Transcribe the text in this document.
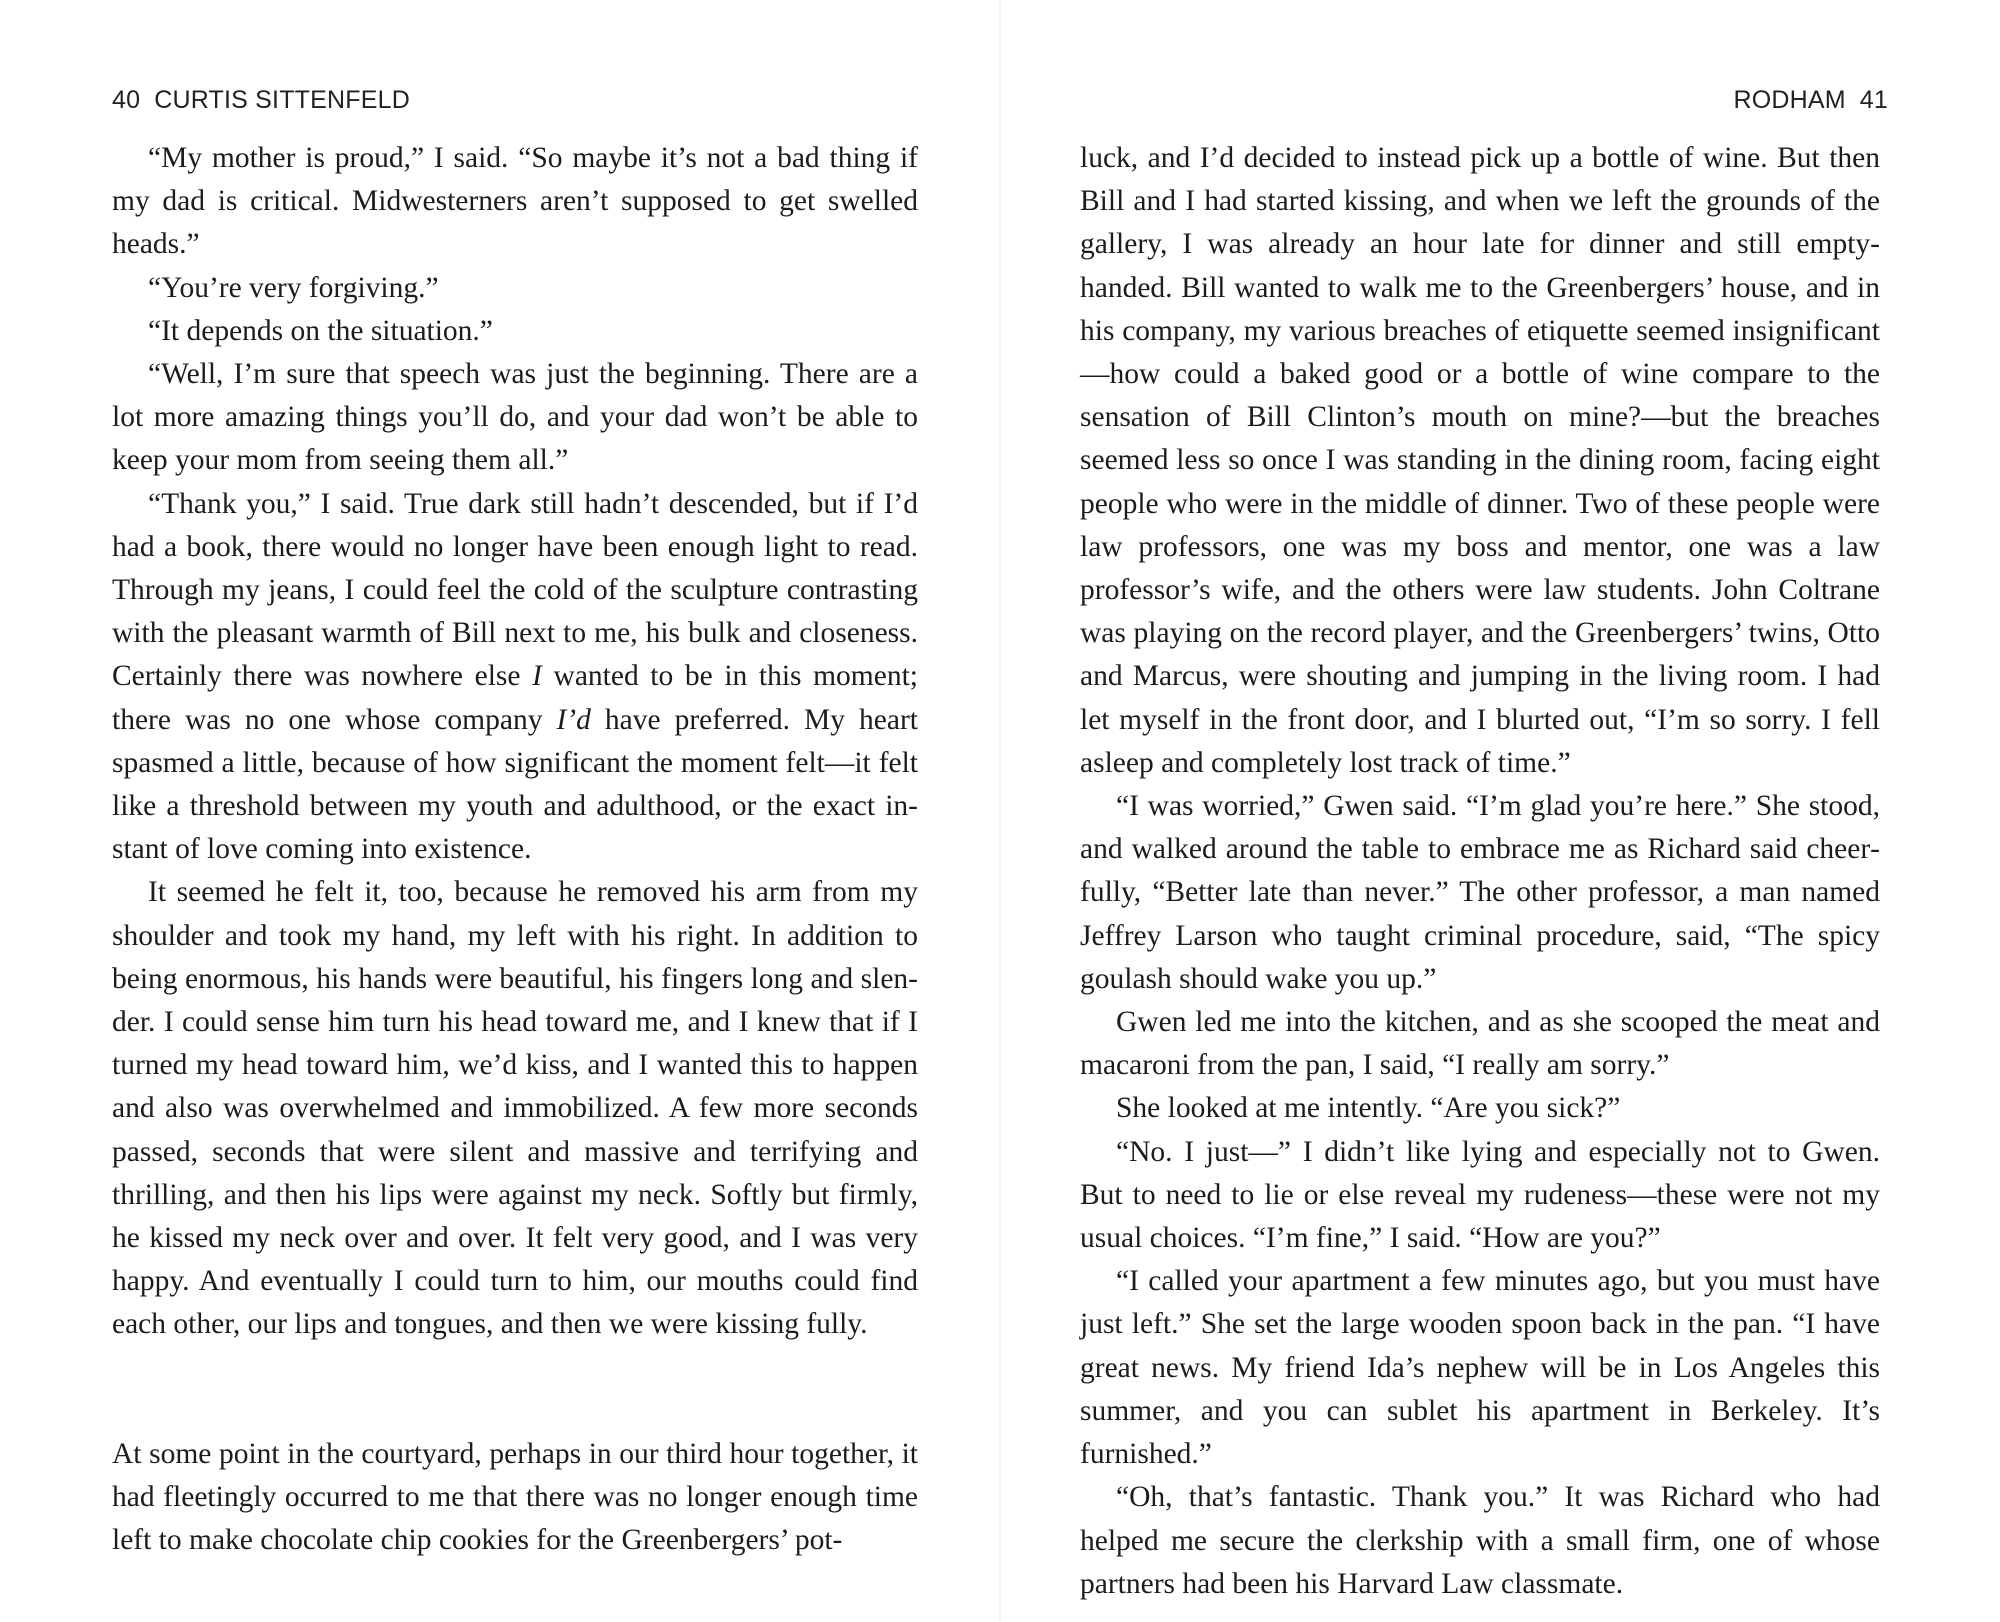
40 CURTIS SITTENFELD

“My mother is proud,” I said. “So maybe it’s not a bad thing if my dad is critical. Midwesterners aren’t supposed to get swelled heads.”

“You’re very forgiving.”

“It depends on the situation.”

“Well, I’m sure that speech was just the beginning. There are a lot more amazing things you’ll do, and your dad won’t be able to keep your mom from seeing them all.”

“Thank you,” I said. True dark still hadn’t descended, but if I’d had a book, there would no longer have been enough light to read. Through my jeans, I could feel the cold of the sculpture contrasting with the pleasant warmth of Bill next to me, his bulk and closeness. Certainly there was nowhere else I wanted to be in this moment; there was no one whose company I’d have preferred. My heart spasmed a little, because of how significant the moment felt—it felt like a threshold between my youth and adulthood, or the exact instant of love coming into existence.

It seemed he felt it, too, because he removed his arm from my shoulder and took my hand, my left with his right. In addition to being enormous, his hands were beautiful, his fingers long and slender. I could sense him turn his head toward me, and I knew that if I turned my head toward him, we’d kiss, and I wanted this to happen and also was overwhelmed and immobilized. A few more seconds passed, seconds that were silent and massive and terrifying and thrilling, and then his lips were against my neck. Softly but firmly, he kissed my neck over and over. It felt very good, and I was very happy. And eventually I could turn to him, our mouths could find each other, our lips and tongues, and then we were kissing fully.

At some point in the courtyard, perhaps in our third hour together, it had fleetingly occurred to me that there was no longer enough time left to make chocolate chip cookies for the Greenbergers’ pot-

RODHAM 41

luck, and I’d decided to instead pick up a bottle of wine. But then Bill and I had started kissing, and when we left the grounds of the gallery, I was already an hour late for dinner and still empty-handed. Bill wanted to walk me to the Greenbergers’ house, and in his company, my various breaches of etiquette seemed insignificant—how could a baked good or a bottle of wine compare to the sensation of Bill Clinton’s mouth on mine?—but the breaches seemed less so once I was standing in the dining room, facing eight people who were in the middle of dinner. Two of these people were law professors, one was my boss and mentor, one was a law professor’s wife, and the others were law students. John Coltrane was playing on the record player, and the Greenbergers’ twins, Otto and Marcus, were shouting and jumping in the living room. I had let myself in the front door, and I blurted out, “I’m so sorry. I fell asleep and completely lost track of time.”

“I was worried,” Gwen said. “I’m glad you’re here.” She stood, and walked around the table to embrace me as Richard said cheerfully, “Better late than never.” The other professor, a man named Jeffrey Larson who taught criminal procedure, said, “The spicy goulash should wake you up.”

Gwen led me into the kitchen, and as she scooped the meat and macaroni from the pan, I said, “I really am sorry.”

She looked at me intently. “Are you sick?”

“No. I just—” I didn’t like lying and especially not to Gwen. But to need to lie or else reveal my rudeness—these were not my usual choices. “I’m fine,” I said. “How are you?”

“I called your apartment a few minutes ago, but you must have just left.” She set the large wooden spoon back in the pan. “I have great news. My friend Ida’s nephew will be in Los Angeles this summer, and you can sublet his apartment in Berkeley. It’s furnished.”

“Oh, that’s fantastic. Thank you.” It was Richard who had helped me secure the clerkship with a small firm, one of whose partners had been his Harvard Law classmate.
